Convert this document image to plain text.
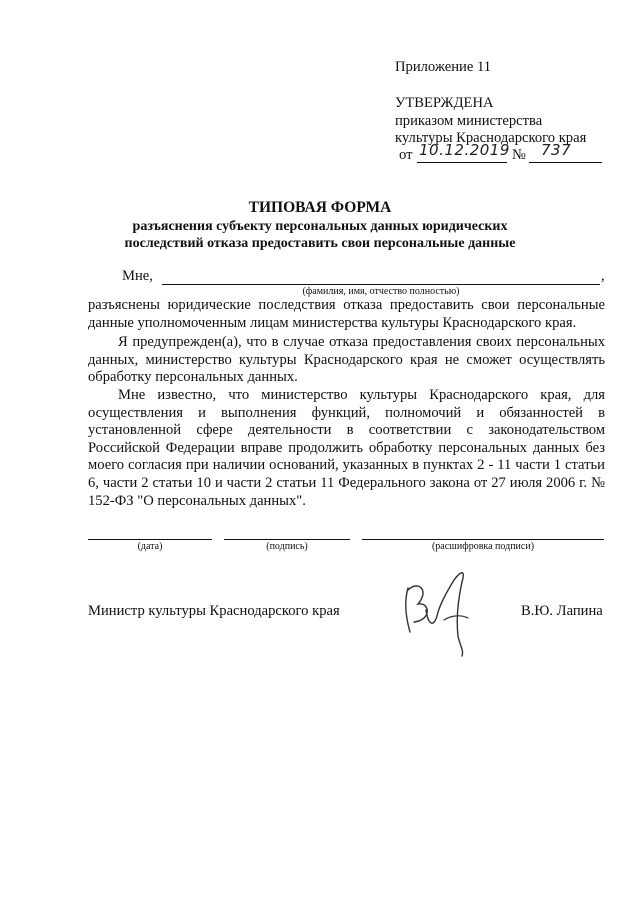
Приложение 11
УТВЕРЖДЕНА
приказом министерства
культуры Краснодарского края
от 10.12.2019 № 737
ТИПОВАЯ ФОРМА
разъяснения субъекту персональных данных юридических
последствий отказа предоставить свои персональные данные
Мне,	,
(фамилия, имя, отчество полностью)
разъяснены юридические последствия отказа предоставить свои персональные данные уполномоченным лицам министерства культуры Краснодарского края.
Я предупрежден(а), что в случае отказа предоставления своих персональных данных, министерство культуры Краснодарского края не сможет осуществлять обработку персональных данных.
Мне известно, что министерство культуры Краснодарского края, для осуществления и выполнения функций, полномочий и обязанностей в установленной сфере деятельности в соответствии с законодательством Российской Федерации вправе продолжить обработку персональных данных без моего согласия при наличии оснований, указанных в пунктах 2 - 11 части 1 статьи 6, части 2 статьи 10 и части 2 статьи 11 Федерального закона от 27 июля 2006 г. № 152-ФЗ "О персональных данных".
(дата)	(подпись)	(расшифровка подписи)
Министр культуры Краснодарского края	В.Ю. Лапина
